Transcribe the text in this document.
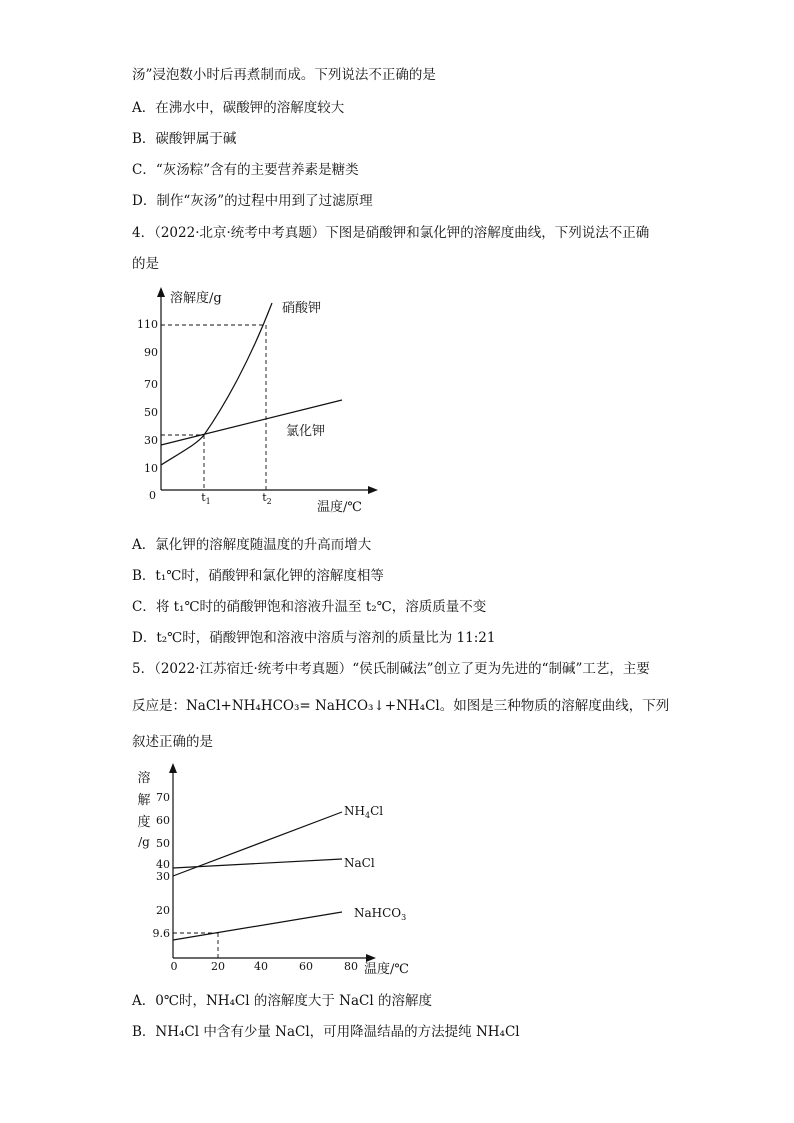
汤”浸泡数小时后再煮制而成。下列说法不正确的是
A．在沸水中，碳酸钾的溶解度较大
B．碳酸钾属于碱
C．“灰汤粽”含有的主要营养素是糖类
D．制作“灰汤”的过程中用到了过滤原理
4．（2022·北京·统考中考真题）下图是硝酸钾和氯化钾的溶解度曲线，下列说法不正确
的是
溶解度/g
0
110
90
70
50
30
10
$t_1$	$t_2$	温度/℃
硝酸钾
氯化钾
A．氯化钾的溶解度随温度的升高而增大
B．t₁℃时，硝酸钾和氯化钾的溶解度相等
C．将 t₁℃时的硝酸钾饱和溶液升温至 t₂℃，溶质质量不变
D．t₂℃时，硝酸钾饱和溶液中溶质与溶剂的质量比为 11:21
5．（2022·江苏宿迁·统考中考真题）“侯氏制碱法”创立了更为先进的“制碱”工艺，主要
反应是：NaCl+NH₄HCO₃= NaHCO₃↓+NH₄Cl。如图是三种物质的溶解度曲线，下列
叙述正确的是
溶
解
度
/g
70
60
50
40
30
20
9.6
0	20	40	60	80 温度/℃
$NH_4Cl$
NaCl
NaHCO$_3$
A．0℃时，NH₄Cl 的溶解度大于 NaCl 的溶解度
B．NH₄Cl 中含有少量 NaCl，可用降温结晶的方法提纯 NH₄Cl
